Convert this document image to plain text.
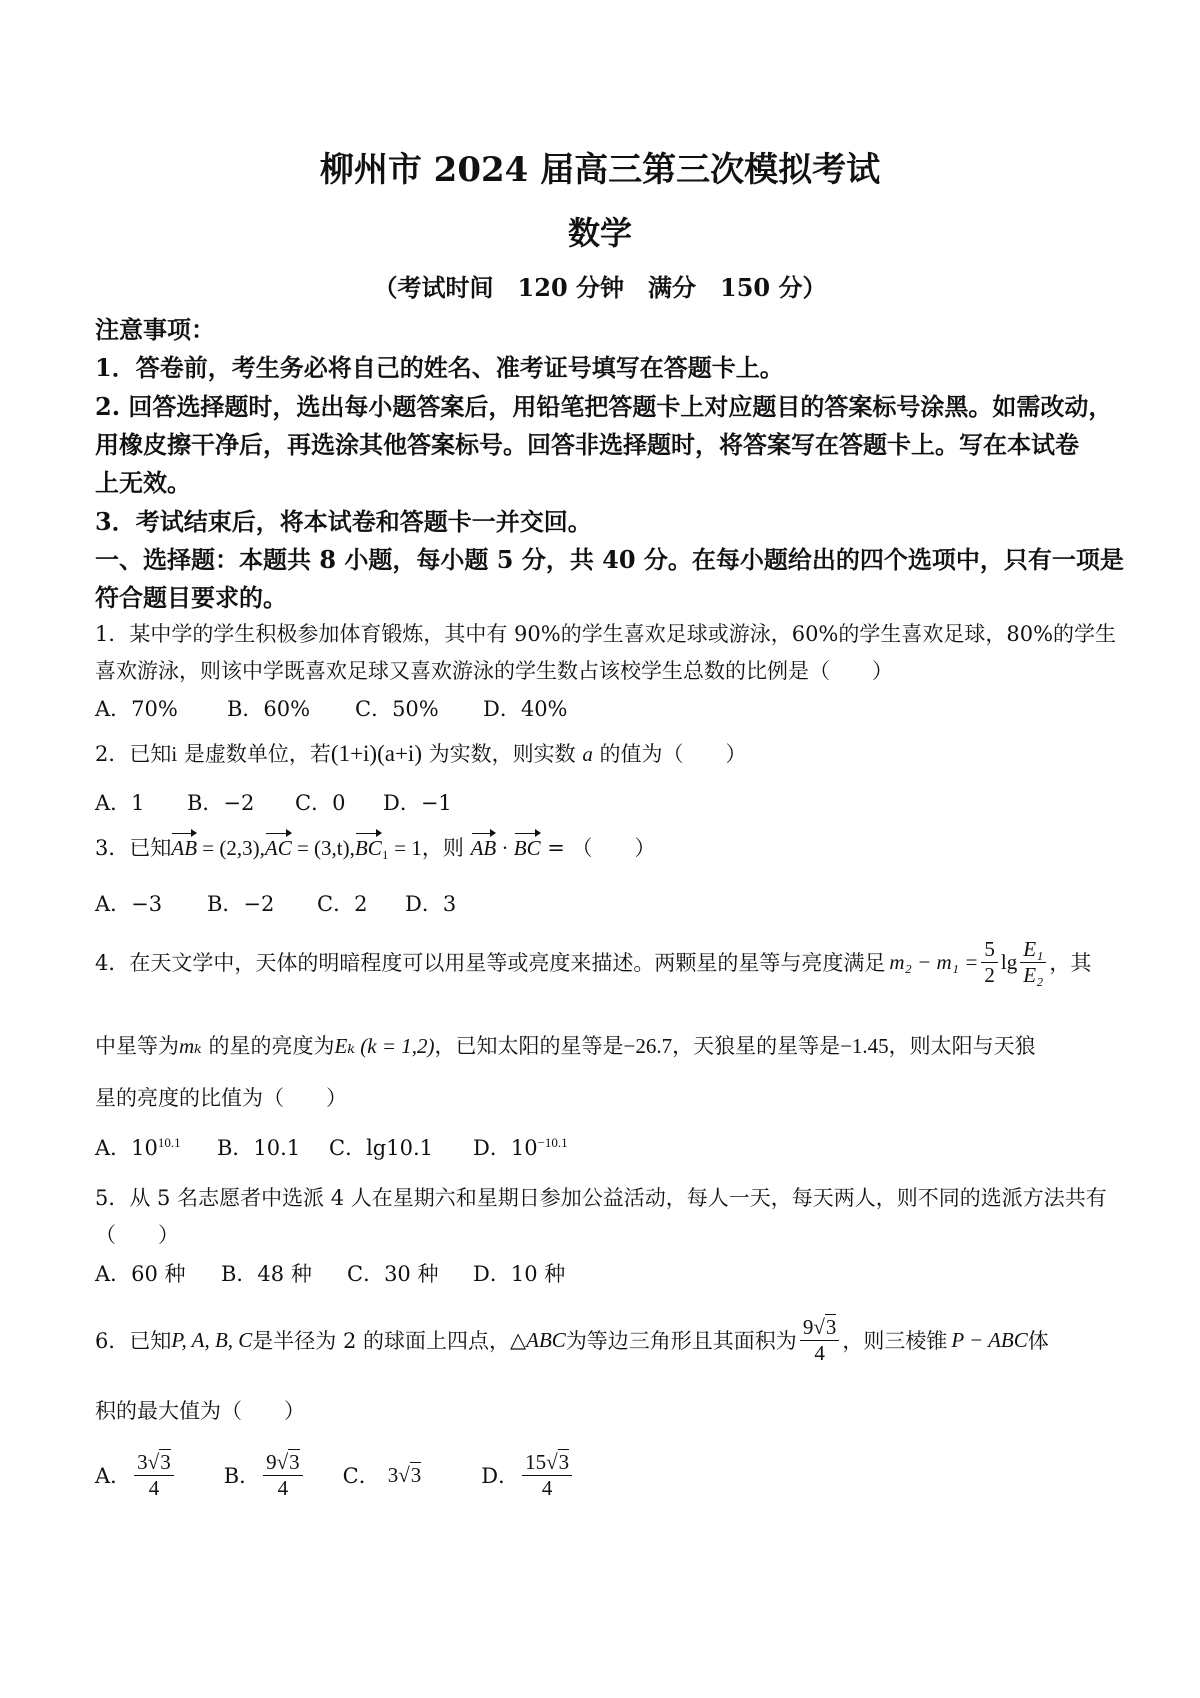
柳州市 2024 届高三第三次模拟考试
数学
（考试时间　120 分钟　满分　150 分）
注意事项：
1．答卷前，考生务必将自己的姓名、准考证号填写在答题卡上。
2. 回答选择题时，选出每小题答案后，用铅笔把答题卡上对应题目的答案标号涂黑。如需改动，
用橡皮擦干净后，再选涂其他答案标号。回答非选择题时，将答案写在答题卡上。写在本试卷
上无效。
3．考试结束后，将本试卷和答题卡一并交回。
一、选择题：本题共 8 小题，每小题 5 分，共 40 分。在每小题给出的四个选项中，只有一项是
符合题目要求的。
1．某中学的学生积极参加体育锻炼，其中有 90%的学生喜欢足球或游泳，60%的学生喜欢足球，80%的学生
喜欢游泳，则该中学既喜欢足球又喜欢游泳的学生数占该校学生总数的比例是（　　）
A．70% B．60% C．50% D．40%
2．已知i 是虚数单位，若(1+i)(a+i) 为实数，则实数 a 的值为（　　）
A．1 B．−2 C．0 D．−1
3．已知AB = (2,3),AC = (3,t),BC₁ = 1，则 AB · BC = （　　）
A．−3 B．−2 C．2 D．3
4．在天文学中，天体的明暗程度可以用星等或亮度来描述。两颗星的星等与亮度满足 $m_2 - m_1 = \frac{5}{2}$ $\lg \frac{\text{E₁}}{\text{E₂}}$ ，其
中星等为mₖ 的星的亮度为Eₖ (k = 1,2)，已知太阳的星等是−26.7，天狼星的星等是−1.45，则太阳与天狼
星的亮度的比值为（　　）
A．$10^{10.1}$ B．10.1 C．lg10.1 D．$10^{-10.1}$
5．从 5 名志愿者中选派 4 人在星期六和星期日参加公益活动，每人一天，每天两人，则不同的选派方法共有
（　　）
A．60 种 B．48 种 C．30 种 D．10 种
6．已知 P, A, B, C 是半径为 2 的球面上四点， △ABC 为等边三角形且其面积为 $\frac{9√3}{4}$ ，则三棱锥 P − ABC 体
积的最大值为（　　）
A． $\frac{3√3}{4}$ B． $\frac{9√3}{4}$ C． 3√3	D． $\frac{15√3}{4}$
